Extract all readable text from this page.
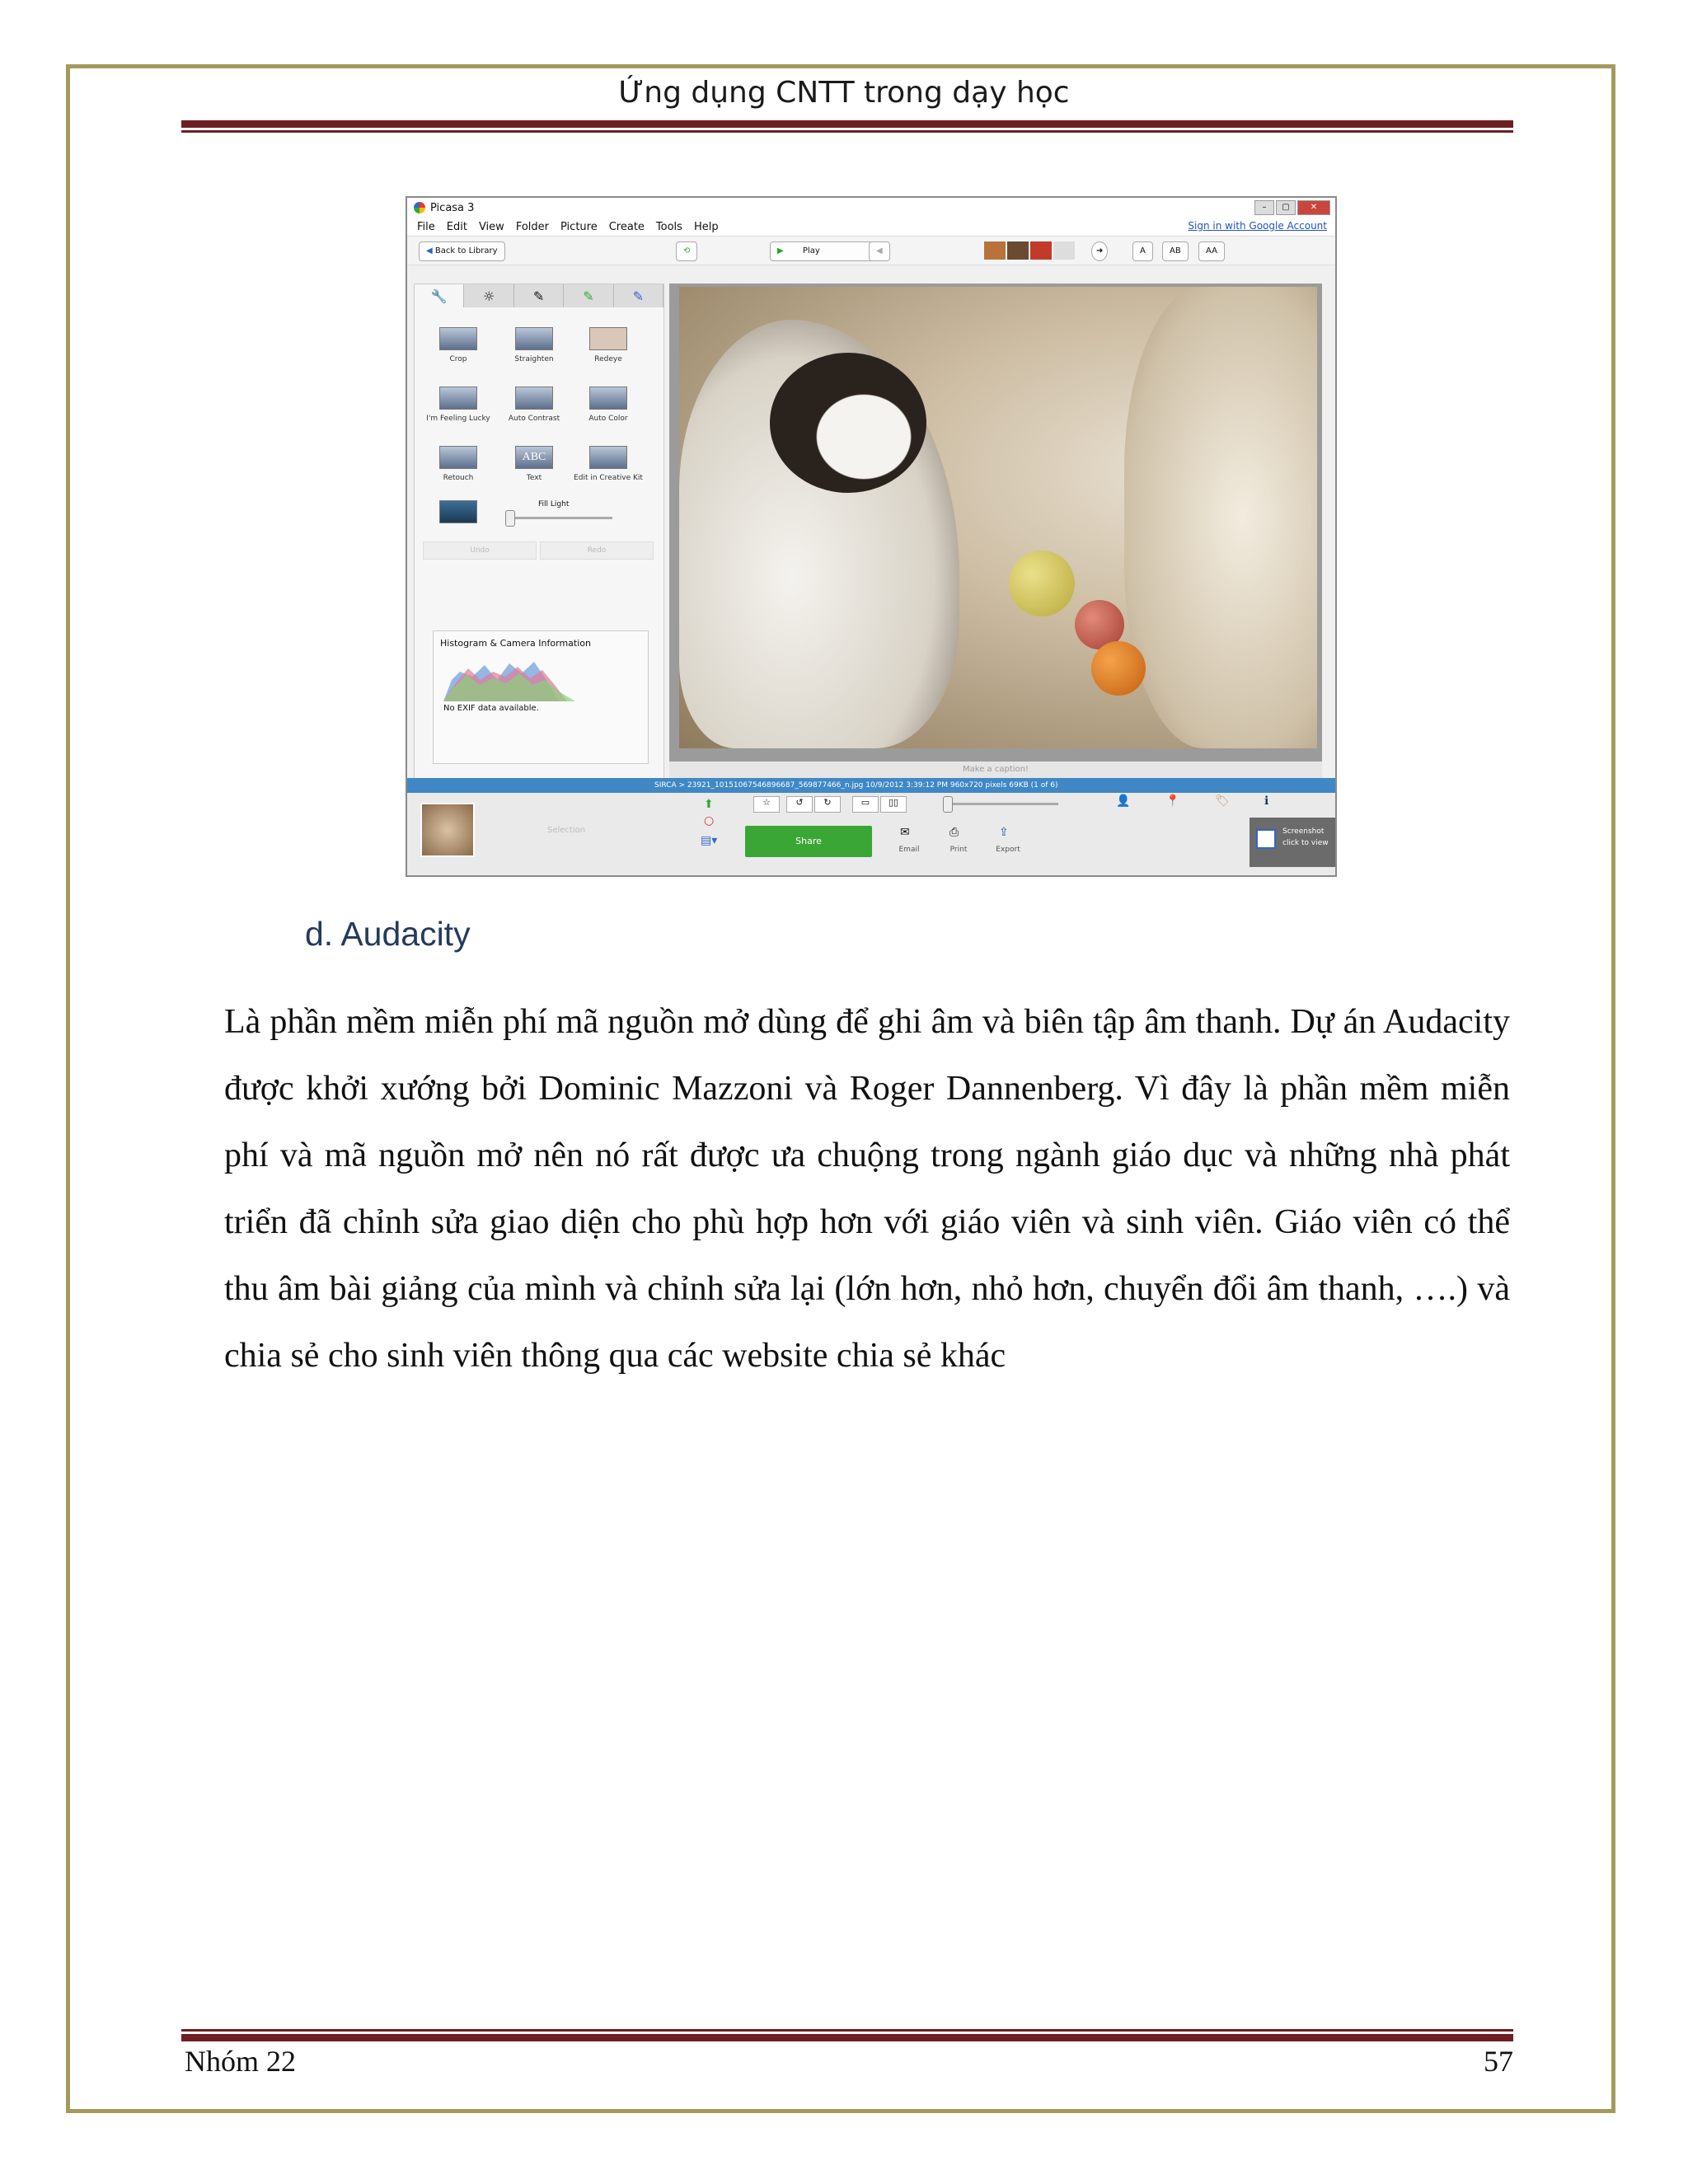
Ứng dụng CNTT trong dạy học
Picasa 3	–	▢	✕
File Edit View Folder Picture Create Tools Help	Sign in with Google Account
◀ Back to Library	⟲	▶ Play	◀	➜	A	AB	AA
🔧	☼	✎	✎	✎
Crop	Straighten	Redeye
I'm Feeling Lucky	Auto Contrast	Auto Color
Retouch
ABC
Text	Edit in Creative Kit
Fill Light
Undo	Redo
Histogram & Camera Information
No EXIF data available.
Make a caption!
SIRCA > 23921_10151067546896687_569877466_n.jpg 10/9/2012 3:39:12 PM 960x720 pixels 69KB (1 of 6)
Selection
⬆
○
▤▾
☆	↺	↻	▭	▯▯	👤	📍	🏷	ℹ
Share
✉
Email
⎙
Print
⇪
Export
Screenshot click to view
d. Audacity
Là phần mềm miễn phí mã nguồn mở dùng để ghi âm và biên tập âm thanh. Dự án Audacity được khởi xướng bởi Dominic Mazzoni và Roger Dannenberg. Vì đây là phần mềm miễn phí và mã nguồn mở nên nó rất được ưa chuộng trong ngành giáo dục và những nhà phát triển đã chỉnh sửa giao diện cho phù hợp hơn với giáo viên và sinh viên. Giáo viên có thể thu âm bài giảng của mình và chỉnh sửa lại (lớn hơn, nhỏ hơn, chuyển đổi âm thanh, ….) và chia sẻ cho sinh viên thông qua các website chia sẻ khác
Nhóm 22	57
